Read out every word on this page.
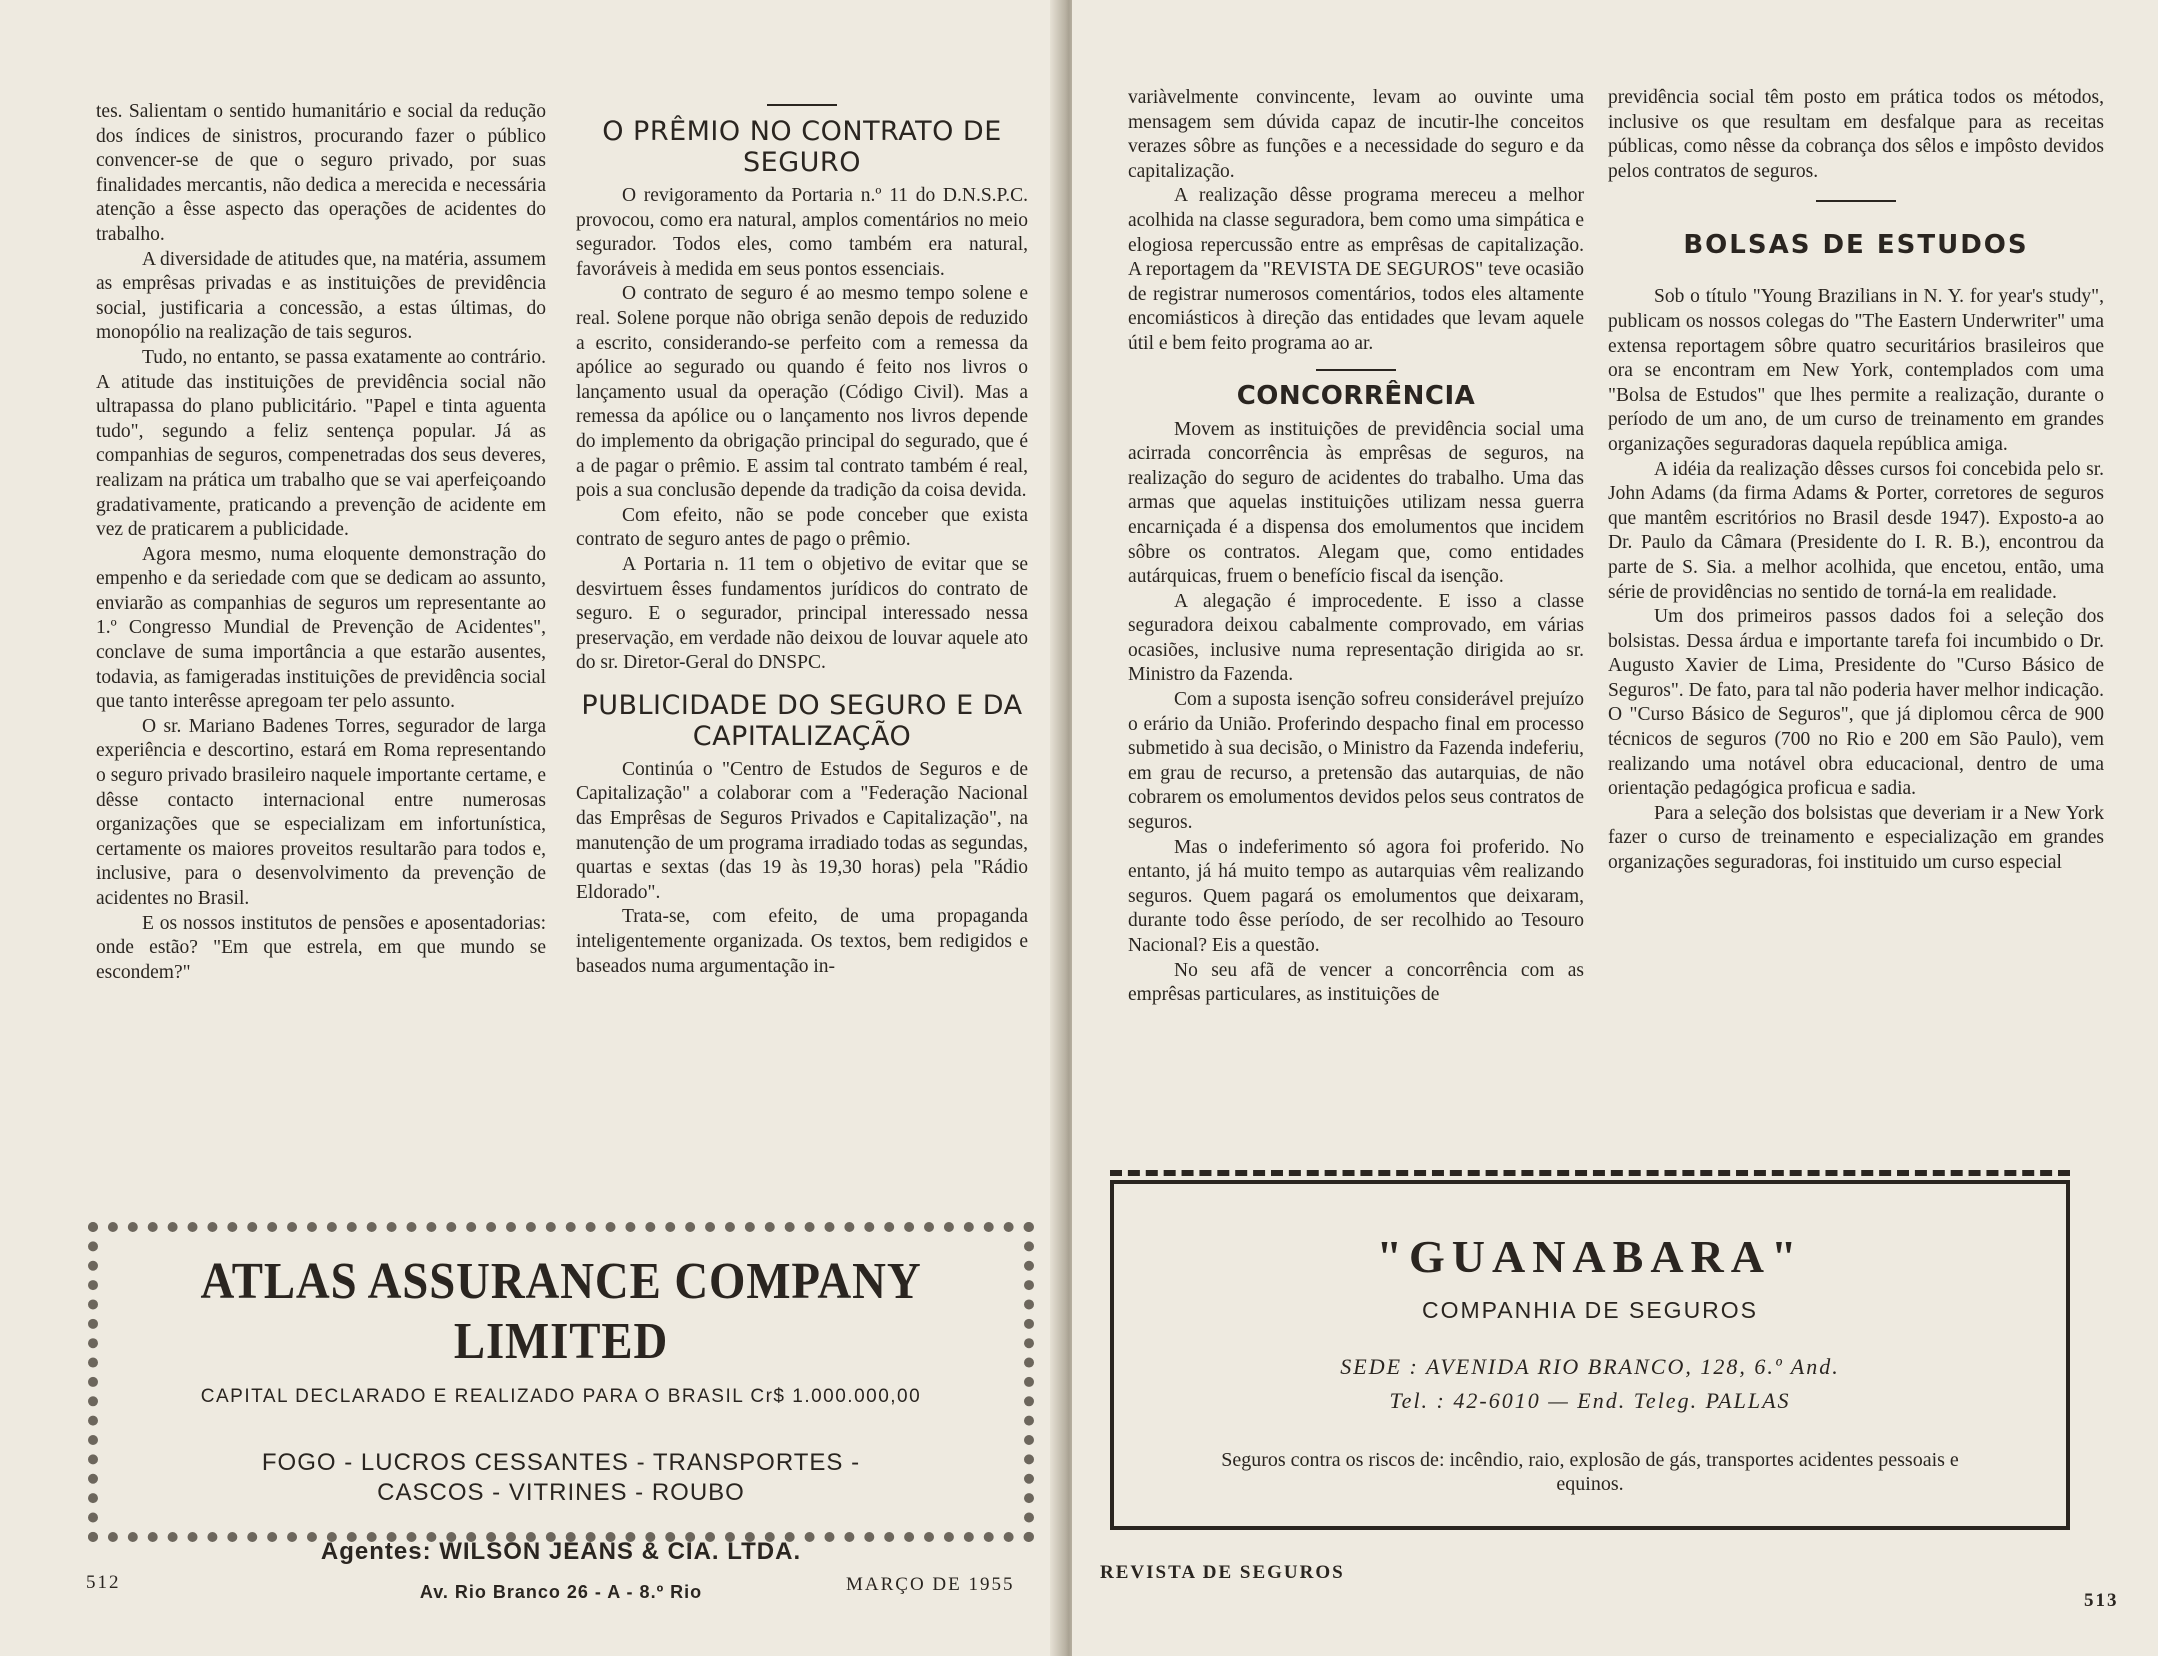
tes. Salientam o sentido humanitário e social da redução dos índices de sinistros, procurando fazer o público convencer-se de que o seguro privado, por suas finalidades mercantis, não dedica a merecida e necessária atenção a êsse aspecto das operações de acidentes do trabalho.

A diversidade de atitudes que, na matéria, assumem as emprêsas privadas e as instituições de previdência social, justificaria a concessão, a estas últimas, do monopólio na realização de tais seguros.

Tudo, no entanto, se passa exatamente ao contrário. A atitude das instituições de previdência social não ultrapassa do plano publicitário. "Papel e tinta aguenta tudo", segundo a feliz sentença popular. Já as companhias de seguros, compenetradas dos seus deveres, realizam na prática um trabalho que se vai aperfeiçoando gradativamente, praticando a prevenção de acidente em vez de praticarem a publicidade.

Agora mesmo, numa eloquente demonstração do empenho e da seriedade com que se dedicam ao assunto, enviarão as companhias de seguros um representante ao 1.º Congresso Mundial de Prevenção de Acidentes", conclave de suma importância a que estarão ausentes, todavia, as famigeradas instituições de previdência social que tanto interêsse apregoam ter pelo assunto.

O sr. Mariano Badenes Torres, segurador de larga experiência e descortino, estará em Roma representando o seguro privado brasileiro naquele importante certame, e dêsse contacto internacional entre numerosas organizações que se especializam em infortunística, certamente os maiores proveitos resultarão para todos e, inclusive, para o desenvolvimento da prevenção de acidentes no Brasil.

E os nossos institutos de pensões e aposentadorias: onde estão? "Em que estrela, em que mundo se escondem?"

O PRÊMIO NO CONTRATO DE SEGURO

O revigoramento da Portaria n.º 11 do D.N.S.P.C. provocou, como era natural, amplos comentários no meio segurador. Todos eles, como também era natural, favoráveis à medida em seus pontos essenciais.

O contrato de seguro é ao mesmo tempo solene e real. Solene porque não obriga senão depois de reduzido a escrito, considerando-se perfeito com a remessa da apólice ao segurado ou quando é feito nos livros o lançamento usual da operação (Código Civil). Mas a remessa da apólice ou o lançamento nos livros depende do implemento da obrigação principal do segurado, que é a de pagar o prêmio. E assim tal contrato também é real, pois a sua conclusão depende da tradição da coisa devida.

Com efeito, não se pode conceber que exista contrato de seguro antes de pago o prêmio.

A Portaria n. 11 tem o objetivo de evitar que se desvirtuem êsses fundamentos jurídicos do contrato de seguro. E o segurador, principal interessado nessa preservação, em verdade não deixou de louvar aquele ato do sr. Diretor-Geral do DNSPC.

PUBLICIDADE DO SEGURO E DA CAPITALIZAÇÃO

Continúa o "Centro de Estudos de Seguros e de Capitalização" a colaborar com a "Federação Nacional das Emprêsas de Seguros Privados e Capitalização", na manutenção de um programa irradiado todas as segundas, quartas e sextas (das 19 às 19,30 horas) pela "Rádio Eldorado".

Trata-se, com efeito, de uma propaganda inteligentemente organizada. Os textos, bem redigidos e baseados numa argumentação in-

ATLAS ASSURANCE COMPANY LIMITED
CAPITAL DECLARADO E REALIZADO PARA O BRASIL Cr$ 1.000.000,00
FOGO - LUCROS CESSANTES - TRANSPORTES -
CASCOS - VITRINES - ROUBO
Agentes: WILSON JEANS & CIA. LTDA.
Av. Rio Branco 26 - A - 8.º Rio
512	MARÇO DE 1955

variàvelmente convincente, levam ao ouvinte uma mensagem sem dúvida capaz de incutir-lhe conceitos verazes sôbre as funções e a necessidade do seguro e da capitalização.

A realização dêsse programa mereceu a melhor acolhida na classe seguradora, bem como uma simpática e elogiosa repercussão entre as emprêsas de capitalização. A reportagem da "REVISTA DE SEGUROS" teve ocasião de registrar numerosos comentários, todos eles altamente encomiásticos à direção das entidades que levam aquele útil e bem feito programa ao ar.

CONCORRÊNCIA

Movem as instituições de previdência social uma acirrada concorrência às emprêsas de seguros, na realização do seguro de acidentes do trabalho. Uma das armas que aquelas instituições utilizam nessa guerra encarniçada é a dispensa dos emolumentos que incidem sôbre os contratos. Alegam que, como entidades autárquicas, fruem o benefício fiscal da isenção.

A alegação é improcedente. E isso a classe seguradora deixou cabalmente comprovado, em várias ocasiões, inclusive numa representação dirigida ao sr. Ministro da Fazenda.

Com a suposta isenção sofreu considerável prejuízo o erário da União. Proferindo despacho final em processo submetido à sua decisão, o Ministro da Fazenda indeferiu, em grau de recurso, a pretensão das autarquias, de não cobrarem os emolumentos devidos pelos seus contratos de seguros.

Mas o indeferimento só agora foi proferido. No entanto, já há muito tempo as autarquias vêm realizando seguros. Quem pagará os emolumentos que deixaram, durante todo êsse período, de ser recolhido ao Tesouro Nacional? Eis a questão.

No seu afã de vencer a concorrência com as emprêsas particulares, as instituições de

previdência social têm posto em prática todos os métodos, inclusive os que resultam em desfalque para as receitas públicas, como nêsse da cobrança dos sêlos e impôsto devidos pelos contratos de seguros.

BOLSAS DE ESTUDOS

Sob o título "Young Brazilians in N. Y. for year's study", publicam os nossos colegas do "The Eastern Underwriter" uma extensa reportagem sôbre quatro securitários brasileiros que ora se encontram em New York, contemplados com uma "Bolsa de Estudos" que lhes permite a realização, durante o período de um ano, de um curso de treinamento em grandes organizações seguradoras daquela república amiga.

A idéia da realização dêsses cursos foi concebida pelo sr. John Adams (da firma Adams & Porter, corretores de seguros que mantêm escritórios no Brasil desde 1947). Exposto-a ao Dr. Paulo da Câmara (Presidente do I. R. B.), encontrou da parte de S. Sia. a melhor acolhida, que encetou, então, uma série de providências no sentido de torná-la em realidade.

Um dos primeiros passos dados foi a seleção dos bolsistas. Dessa árdua e importante tarefa foi incumbido o Dr. Augusto Xavier de Lima, Presidente do "Curso Básico de Seguros". De fato, para tal não poderia haver melhor indicação. O "Curso Básico de Seguros", que já diplomou cêrca de 900 técnicos de seguros (700 no Rio e 200 em São Paulo), vem realizando uma notável obra educacional, dentro de uma orientação pedagógica proficua e sadia.

Para a seleção dos bolsistas que deveriam ir a New York fazer o curso de treinamento e especialização em grandes organizações seguradoras, foi instituido um curso especial

REVISTA DE SEGUROS
513
"GUANABARA"
COMPANHIA DE SEGUROS
SEDE : AVENIDA RIO BRANCO, 128, 6.º And.
Tel. : 42-6010 — End. Teleg. PALLAS
Seguros contra os riscos de: incêndio, raio, explosão de gás, transportes acidentes pessoais e equinos.
